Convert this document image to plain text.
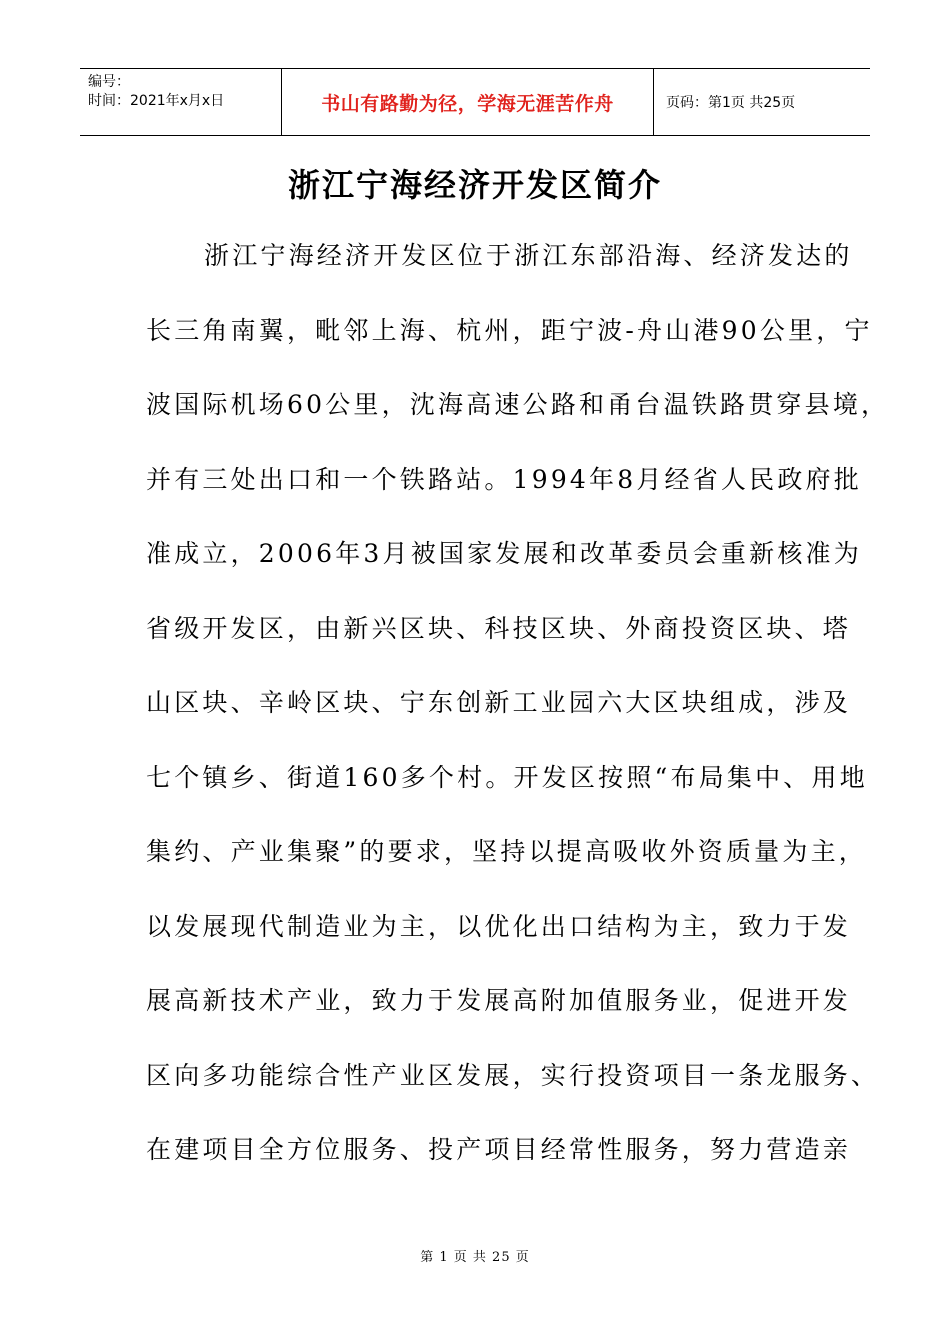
编号：
时间：2021年x月x日	书山有路勤为径，学海无涯苦作舟	页码：第1页 共25页
浙江宁海经济开发区简介
浙江宁海经济开发区位于浙江东部沿海、经济发达的
长三角南翼，毗邻上海、杭州，距宁波-舟山港90公里，宁
波国际机场60公里，沈海高速公路和甬台温铁路贯穿县境，
并有三处出口和一个铁路站。1994年8月经省人民政府批
准成立，2006年3月被国家发展和改革委员会重新核准为
省级开发区，由新兴区块、科技区块、外商投资区块、塔
山区块、辛岭区块、宁东创新工业园六大区块组成，涉及
七个镇乡、街道160多个村。开发区按照“布局集中、用地
集约、产业集聚”的要求，坚持以提高吸收外资质量为主，
以发展现代制造业为主，以优化出口结构为主，致力于发
展高新技术产业，致力于发展高附加值服务业，促进开发
区向多功能综合性产业区发展，实行投资项目一条龙服务、
在建项目全方位服务、投产项目经常性服务，努力营造亲
第 1 页 共 25 页
